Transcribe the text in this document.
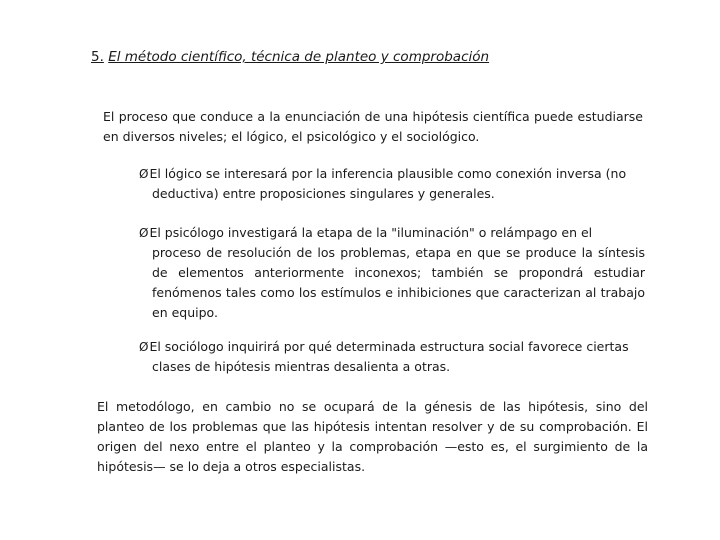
5. El método científico, técnica de planteo y comprobación

El proceso que conduce a la enunciación de una hipótesis científica puede estudiarse en diversos niveles; el lógico, el psicológico y el sociológico.

ØEl lógico se interesará por la inferencia plausible como conexión inversa (no
deductiva) entre proposiciones singulares y generales.

ØEl psicólogo investigará la etapa de la "iluminación" o relámpago en el
proceso de resolución de los problemas, etapa en que se produce la síntesis de elementos anteriormente inconexos; también se propondrá estudiar fenómenos tales como los estímulos e inhibiciones que caracterizan al trabajo en equipo.

ØEl sociólogo inquirirá por qué determinada estructura social favorece ciertas
clases de hipótesis mientras desalienta a otras.

El metodólogo, en cambio no se ocupará de la génesis de las hipótesis, sino del planteo de los problemas que las hipótesis intentan resolver y de su comprobación. El origen del nexo entre el planteo y la comprobación —esto es, el surgimiento de la hipótesis— se lo deja a otros especialistas.
